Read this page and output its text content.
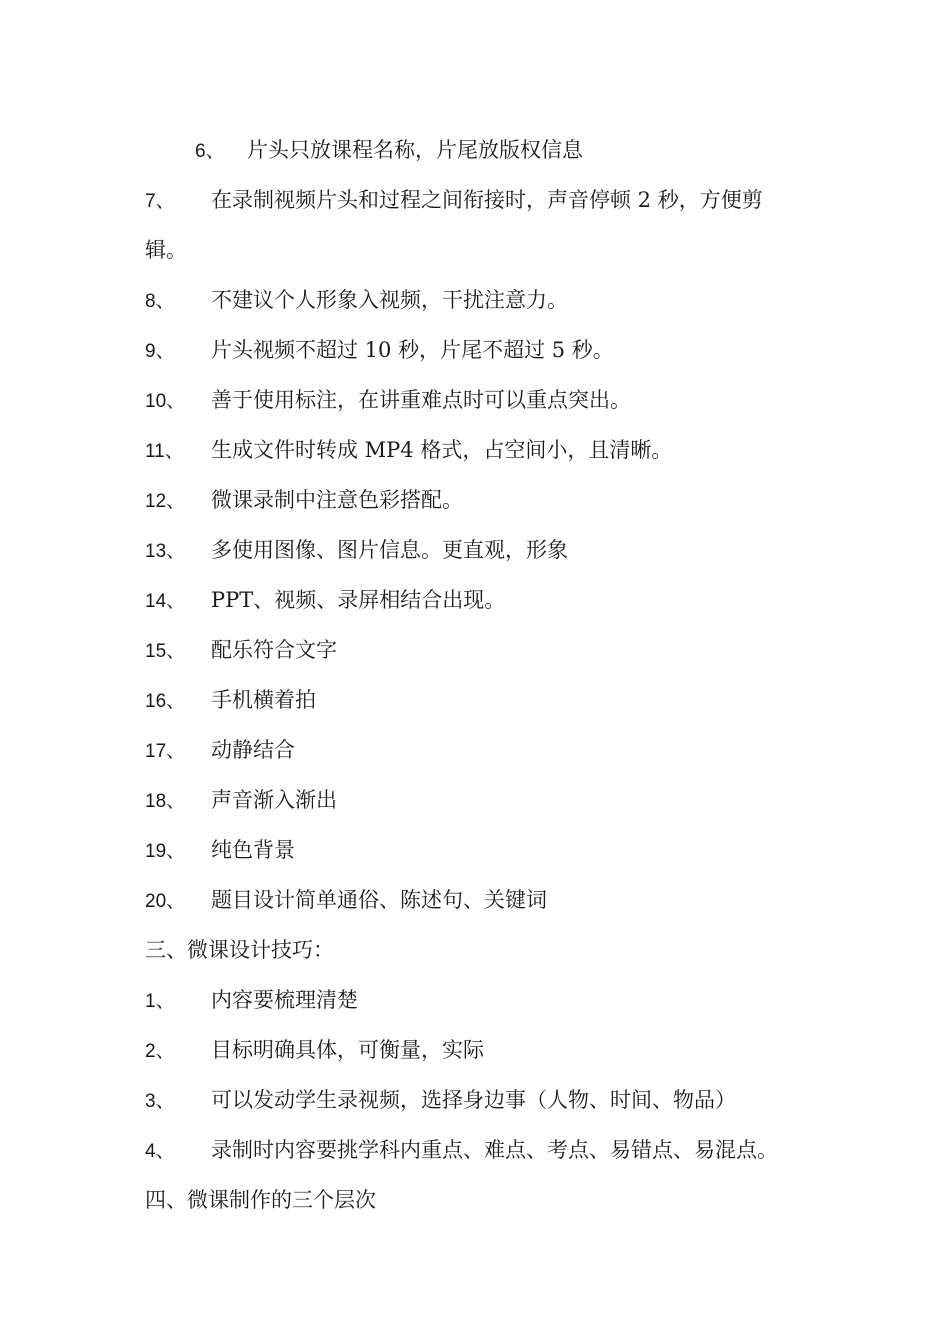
6、 片头只放课程名称，片尾放版权信息
7、 在录制视频片头和过程之间衔接时，声音停顿 2 秒，方便剪
辑。
8、 不建议个人形象入视频，干扰注意力。
9、 片头视频不超过 10 秒，片尾不超过 5 秒。
10、 善于使用标注，在讲重难点时可以重点突出。
11、 生成文件时转成 MP4 格式，占空间小，且清晰。
12、 微课录制中注意色彩搭配。
13、 多使用图像、图片信息。更直观，形象
14、 PPT、视频、录屏相结合出现。
15、 配乐符合文字
16、 手机横着拍
17、 动静结合
18、 声音渐入渐出
19、 纯色背景
20、 题目设计简单通俗、陈述句、关键词
三、微课设计技巧：
1、 内容要梳理清楚
2、 目标明确具体，可衡量，实际
3、 可以发动学生录视频，选择身边事（人物、时间、物品）
4、 录制时内容要挑学科内重点、难点、考点、易错点、易混点。
四、微课制作的三个层次
